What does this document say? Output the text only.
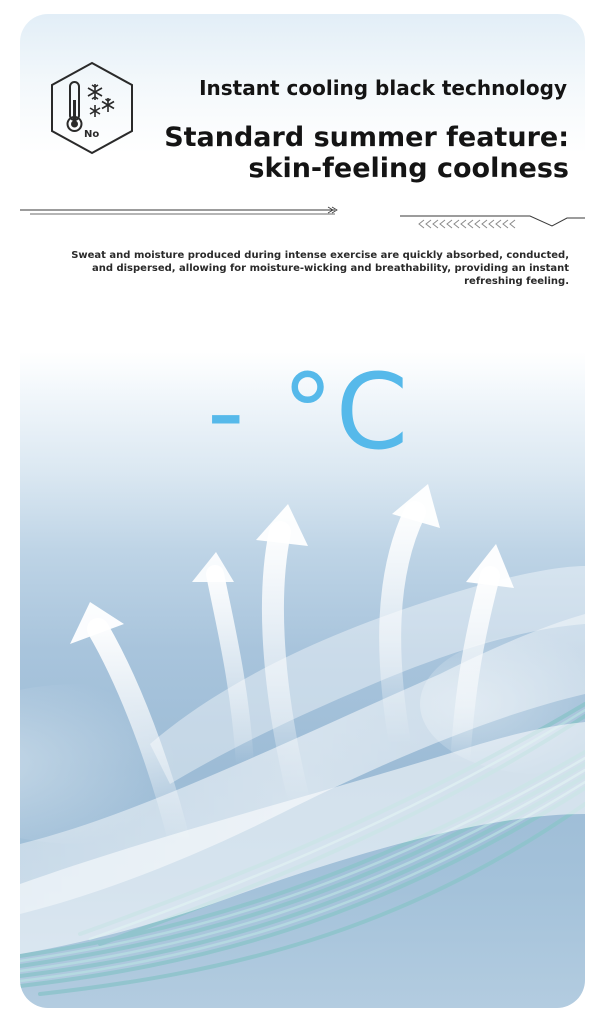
No
Instant cooling black technology
Standard summer feature: skin-feeling coolness
Sweat and moisture produced during intense exercise are quickly absorbed, conducted, and dispersed, allowing for moisture-wicking and breathability, providing an instant refreshing feeling.
- °C
